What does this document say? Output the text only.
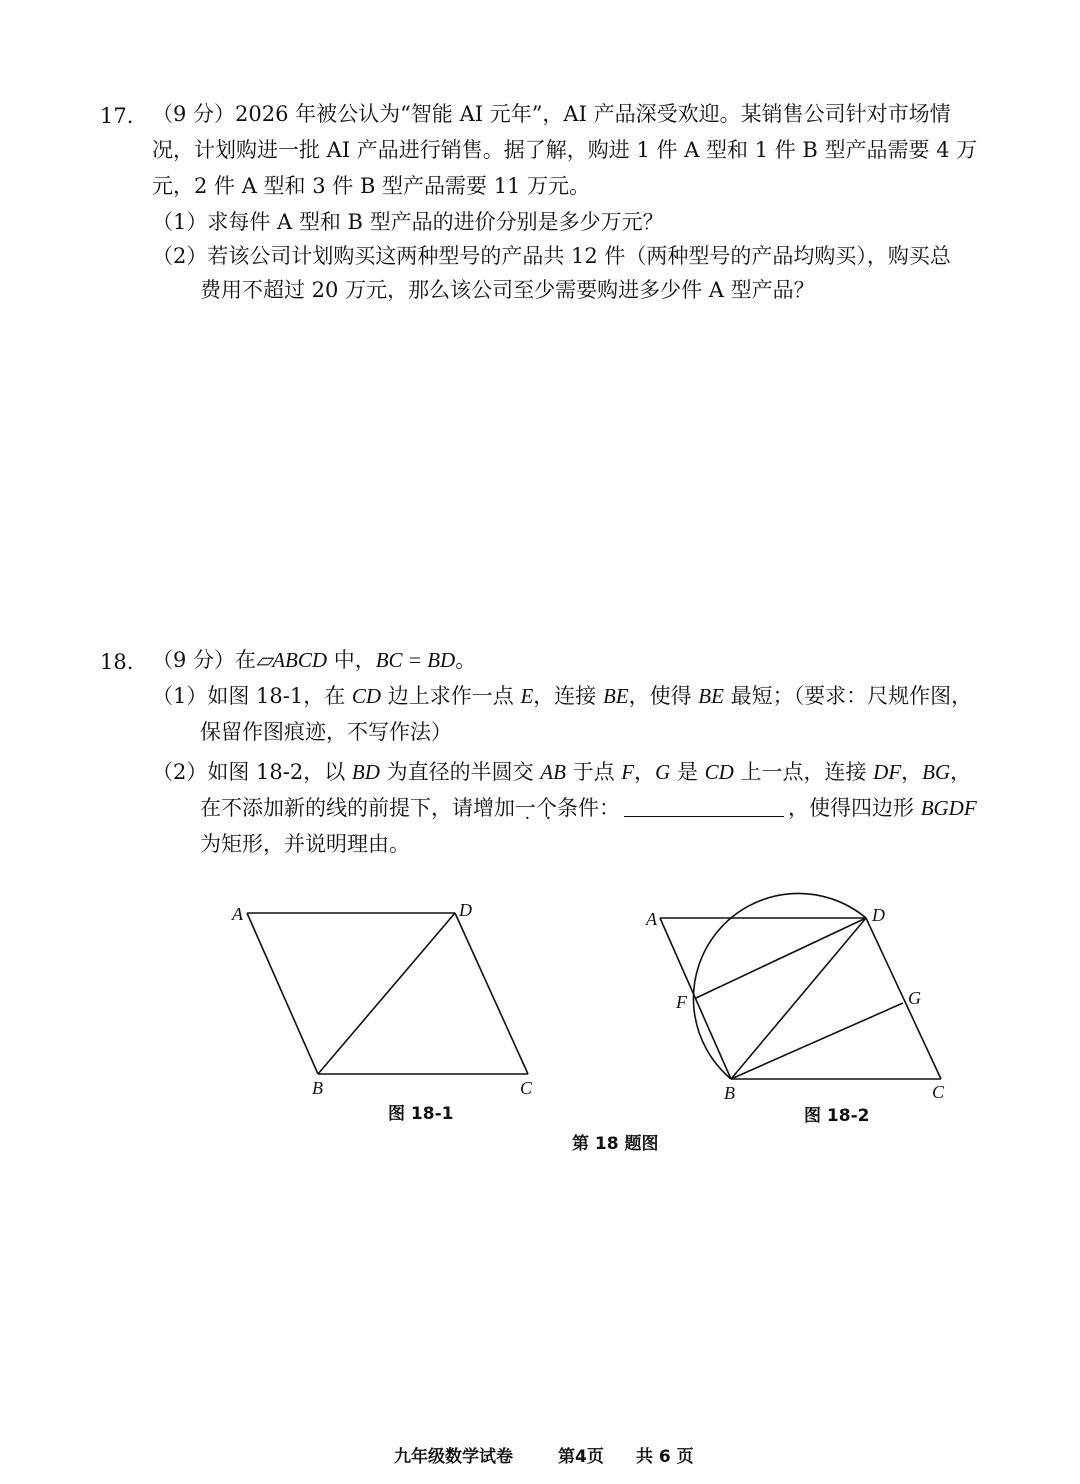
17. （9 分）2026 年被公认为“智能 AI 元年”，AI 产品深受欢迎。某销售公司针对市场情
况，计划购进一批 AI 产品进行销售。据了解，购进 1 件 A 型和 1 件 B 型产品需要 4 万
元，2 件 A 型和 3 件 B 型产品需要 11 万元。
（1）求每件 A 型和 B 型产品的进价分别是多少万元？
（2）若该公司计划购买这两种型号的产品共 12 件（两种型号的产品均购买），购买总
费用不超过 20 万元，那么该公司至少需要购进多少件 A 型产品？
18. （9 分）在▱ABCD 中，BC = BD。
（1）如图 18-1，在 CD 边上求作一点 E，连接 BE，使得 BE 最短；（要求：尺规作图，
保留作图痕迹，不写作法）
（2）如图 18-2，以 BD 为直径的半圆交 AB 于点 F，G 是 CD 上一点，连接 DF，BG，
在不添加新的线的前提下，请增加一个条件：	，使得四边形 BGDF
为矩形，并说明理由。
A	D
B	C
A	D
F	G
B	C
图 18-1	图 18-2
第 18 题图
九年级数学试卷	第4页 共 6 页
